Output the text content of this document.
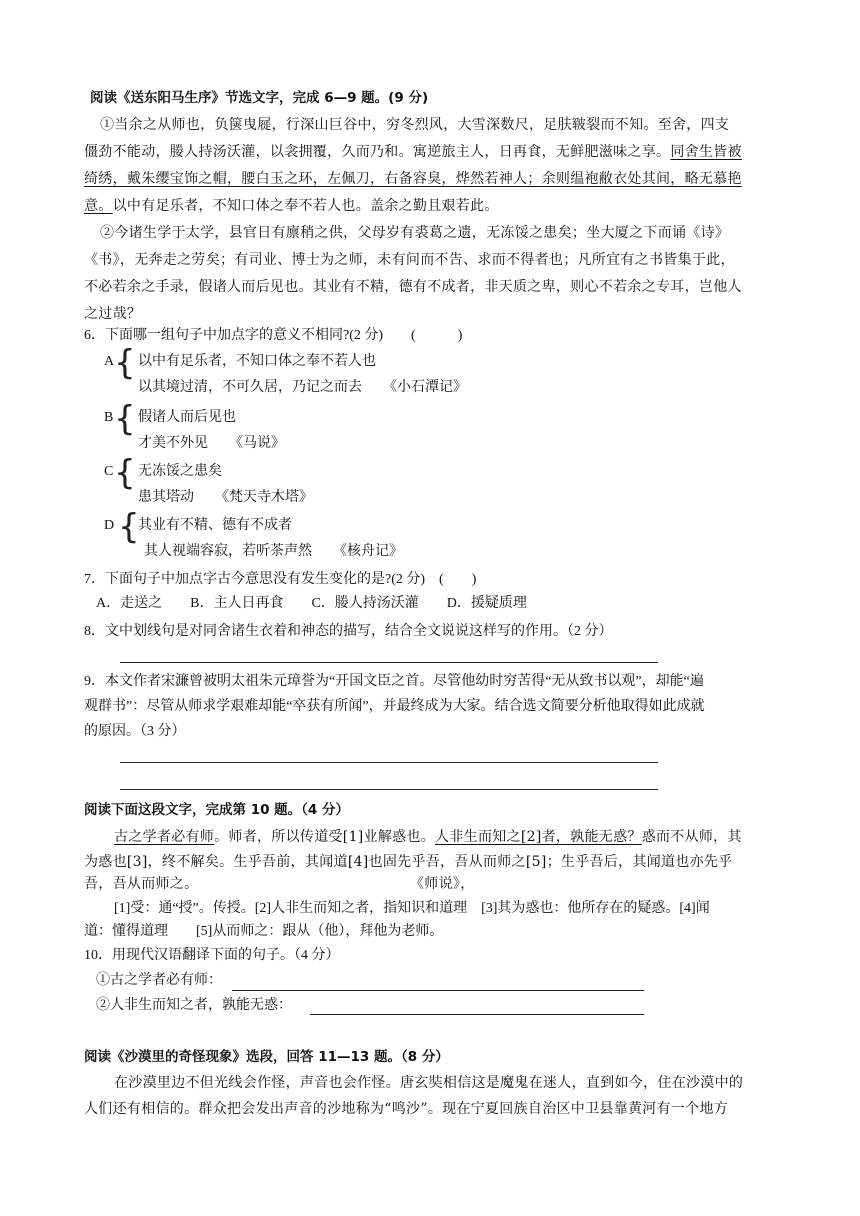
阅读《送东阳马生序》节选文字，完成 6—9 题。(9 分)
①当余之从师也，负箧曳屣，行深山巨谷中，穷冬烈风，大雪深数尺，足肤皲裂而不知。至舍，四支
僵劲不能动，媵人持汤沃灌，以衾拥覆，久而乃和。寓逆旅主人，日再食，无鲜肥滋味之享。同舍生皆被
绮绣，戴朱缨宝饰之帽，腰白玉之环，左佩刀，右备容臭，烨然若神人；余则缊袍敝衣处其间，略无慕艳
意。以中有足乐者，不知口体之奉不若人也。盖余之勤且艰若此。
②今诸生学于太学，县官日有廪稍之供，父母岁有裘葛之遗，无冻馁之患矣；坐大厦之下而诵《诗》
《书》，无奔走之劳矣；有司业、博士为之师，未有问而不告、求而不得者也；凡所宜有之书皆集于此，
不必若余之手录，假诸人而后见也。其业有不精，德有不成者，非天质之卑，则心不若余之专耳，岂他人
之过哉？
6．下面哪一组句子中加点字的意义不相同?(2 分)　　(　　　)
A { 以中有足乐者，不知口体之奉不若人也
以其境过清，不可久居，乃记之而去　　《小石潭记》
B { 假诸人而后见也
才美不外见　　《马说》
C { 无冻馁之患矣
患其塔动　　《梵天寺木塔》
D {
其业有不精、德有不成者
其人视端容寂，若听茶声然　　《核舟记》
7．下面句子中加点字古今意思没有发生变化的是?(2 分)　(　　)
A．走送之　　B．主人日再食　　C．媵人持汤沃灌　　D．援疑质理
8．文中划线句是对同舍诸生衣着和神态的描写，结合全文说说这样写的作用。（2 分）
9．本文作者宋濂曾被明太祖朱元璋誉为“开国文臣之首。尽管他幼时穷苦得“无从致书以观”，却能“遍
观群书”：尽管从师求学艰难却能“卒获有所闻”，并最终成为大家。结合选文简要分析他取得如此成就
的原因。（3 分）
阅读下面这段文字，完成第 10 题。（4 分）
古之学者必有师。师者，所以传道受[1]业解惑也。人非生而知之[2]者，孰能无惑？惑而不从师，其
为惑也[3]，终不解矣。生乎吾前，其闻道[4]也固先乎吾，吾从而师之[5]；生乎吾后，其闻道也亦先乎
吾，吾从而师之。	《师说》，
[1]受：通“授”。传授。[2]人非生而知之者，指知识和道理　[3]其为惑也：他所存在的疑惑。[4]闻
道：懂得道理　　[5]从而师之：跟从（他），拜他为老师。
10．用现代汉语翻译下面的句子。（4 分）
①古之学者必有师：
②人非生而知之者，孰能无惑：
阅读《沙漠里的奇怪现象》选段，回答 11—13 题。（8 分）
在沙漠里边不但光线会作怪，声音也会作怪。唐玄奘相信这是魔鬼在迷人，直到如今，住在沙漠中的
人们还有相信的。群众把会发出声音的沙地称为“鸣沙”。现在宁夏回族自治区中卫县靠黄河有一个地方
